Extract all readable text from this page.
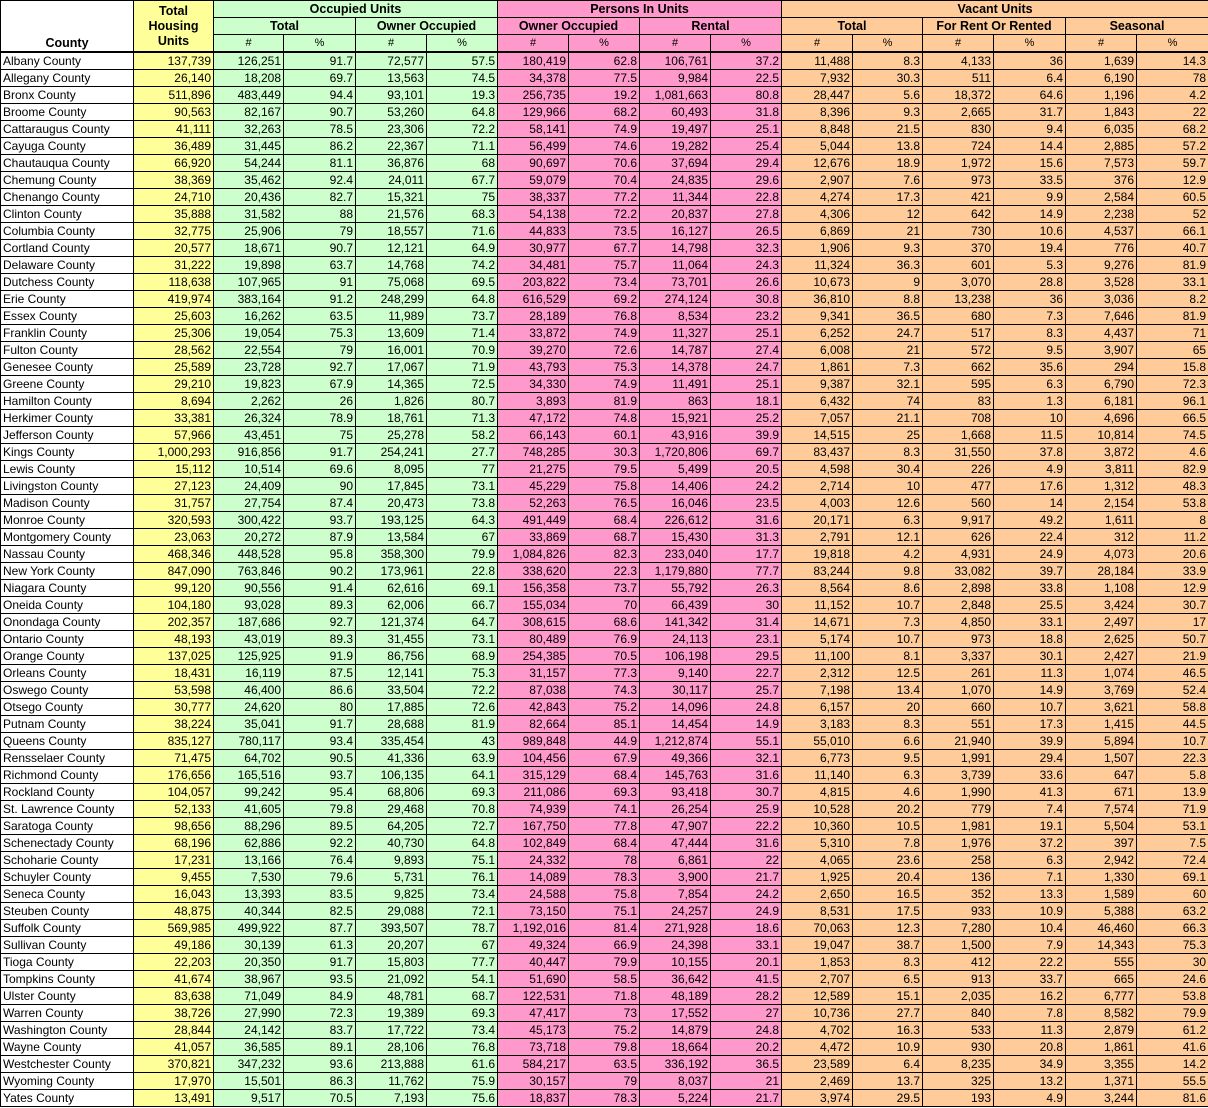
County	Total
Housing
Units	Occupied Units				Persons In Units				Vacant Units					
		Total		Owner Occupied		Owner Occupied		Rental		Total		For Rent Or Rented		Seasonal	
		#	%	#	%	#	%	#	%	#	%	#	%	#	%
Albany County	137,739	126,251	91.7	72,577	57.5	180,419	62.8	106,761	37.2	11,488	8.3	4,133	36	1,639	14.3
Allegany County	26,140	18,208	69.7	13,563	74.5	34,378	77.5	9,984	22.5	7,932	30.3	511	6.4	6,190	78
Bronx County	511,896	483,449	94.4	93,101	19.3	256,735	19.2	1,081,663	80.8	28,447	5.6	18,372	64.6	1,196	4.2
Broome County	90,563	82,167	90.7	53,260	64.8	129,966	68.2	60,493	31.8	8,396	9.3	2,665	31.7	1,843	22
Cattaraugus County	41,111	32,263	78.5	23,306	72.2	58,141	74.9	19,497	25.1	8,848	21.5	830	9.4	6,035	68.2
Cayuga County	36,489	31,445	86.2	22,367	71.1	56,499	74.6	19,282	25.4	5,044	13.8	724	14.4	2,885	57.2
Chautauqua County	66,920	54,244	81.1	36,876	68	90,697	70.6	37,694	29.4	12,676	18.9	1,972	15.6	7,573	59.7
Chemung County	38,369	35,462	92.4	24,011	67.7	59,079	70.4	24,835	29.6	2,907	7.6	973	33.5	376	12.9
Chenango County	24,710	20,436	82.7	15,321	75	38,337	77.2	11,344	22.8	4,274	17.3	421	9.9	2,584	60.5
Clinton County	35,888	31,582	88	21,576	68.3	54,138	72.2	20,837	27.8	4,306	12	642	14.9	2,238	52
Columbia County	32,775	25,906	79	18,557	71.6	44,833	73.5	16,127	26.5	6,869	21	730	10.6	4,537	66.1
Cortland County	20,577	18,671	90.7	12,121	64.9	30,977	67.7	14,798	32.3	1,906	9.3	370	19.4	776	40.7
Delaware County	31,222	19,898	63.7	14,768	74.2	34,481	75.7	11,064	24.3	11,324	36.3	601	5.3	9,276	81.9
Dutchess County	118,638	107,965	91	75,068	69.5	203,822	73.4	73,701	26.6	10,673	9	3,070	28.8	3,528	33.1
Erie County	419,974	383,164	91.2	248,299	64.8	616,529	69.2	274,124	30.8	36,810	8.8	13,238	36	3,036	8.2
Essex County	25,603	16,262	63.5	11,989	73.7	28,189	76.8	8,534	23.2	9,341	36.5	680	7.3	7,646	81.9
Franklin County	25,306	19,054	75.3	13,609	71.4	33,872	74.9	11,327	25.1	6,252	24.7	517	8.3	4,437	71
Fulton County	28,562	22,554	79	16,001	70.9	39,270	72.6	14,787	27.4	6,008	21	572	9.5	3,907	65
Genesee County	25,589	23,728	92.7	17,067	71.9	43,793	75.3	14,378	24.7	1,861	7.3	662	35.6	294	15.8
Greene County	29,210	19,823	67.9	14,365	72.5	34,330	74.9	11,491	25.1	9,387	32.1	595	6.3	6,790	72.3
Hamilton County	8,694	2,262	26	1,826	80.7	3,893	81.9	863	18.1	6,432	74	83	1.3	6,181	96.1
Herkimer County	33,381	26,324	78.9	18,761	71.3	47,172	74.8	15,921	25.2	7,057	21.1	708	10	4,696	66.5
Jefferson County	57,966	43,451	75	25,278	58.2	66,143	60.1	43,916	39.9	14,515	25	1,668	11.5	10,814	74.5
Kings County	1,000,293	916,856	91.7	254,241	27.7	748,285	30.3	1,720,806	69.7	83,437	8.3	31,550	37.8	3,872	4.6
Lewis County	15,112	10,514	69.6	8,095	77	21,275	79.5	5,499	20.5	4,598	30.4	226	4.9	3,811	82.9
Livingston County	27,123	24,409	90	17,845	73.1	45,229	75.8	14,406	24.2	2,714	10	477	17.6	1,312	48.3
Madison County	31,757	27,754	87.4	20,473	73.8	52,263	76.5	16,046	23.5	4,003	12.6	560	14	2,154	53.8
Monroe County	320,593	300,422	93.7	193,125	64.3	491,449	68.4	226,612	31.6	20,171	6.3	9,917	49.2	1,611	8
Montgomery County	23,063	20,272	87.9	13,584	67	33,869	68.7	15,430	31.3	2,791	12.1	626	22.4	312	11.2
Nassau County	468,346	448,528	95.8	358,300	79.9	1,084,826	82.3	233,040	17.7	19,818	4.2	4,931	24.9	4,073	20.6
New York County	847,090	763,846	90.2	173,961	22.8	338,620	22.3	1,179,880	77.7	83,244	9.8	33,082	39.7	28,184	33.9
Niagara County	99,120	90,556	91.4	62,616	69.1	156,358	73.7	55,792	26.3	8,564	8.6	2,898	33.8	1,108	12.9
Oneida County	104,180	93,028	89.3	62,006	66.7	155,034	70	66,439	30	11,152	10.7	2,848	25.5	3,424	30.7
Onondaga County	202,357	187,686	92.7	121,374	64.7	308,615	68.6	141,342	31.4	14,671	7.3	4,850	33.1	2,497	17
Ontario County	48,193	43,019	89.3	31,455	73.1	80,489	76.9	24,113	23.1	5,174	10.7	973	18.8	2,625	50.7
Orange County	137,025	125,925	91.9	86,756	68.9	254,385	70.5	106,198	29.5	11,100	8.1	3,337	30.1	2,427	21.9
Orleans County	18,431	16,119	87.5	12,141	75.3	31,157	77.3	9,140	22.7	2,312	12.5	261	11.3	1,074	46.5
Oswego County	53,598	46,400	86.6	33,504	72.2	87,038	74.3	30,117	25.7	7,198	13.4	1,070	14.9	3,769	52.4
Otsego County	30,777	24,620	80	17,885	72.6	42,843	75.2	14,096	24.8	6,157	20	660	10.7	3,621	58.8
Putnam County	38,224	35,041	91.7	28,688	81.9	82,664	85.1	14,454	14.9	3,183	8.3	551	17.3	1,415	44.5
Queens County	835,127	780,117	93.4	335,454	43	989,848	44.9	1,212,874	55.1	55,010	6.6	21,940	39.9	5,894	10.7
Rensselaer County	71,475	64,702	90.5	41,336	63.9	104,456	67.9	49,366	32.1	6,773	9.5	1,991	29.4	1,507	22.3
Richmond County	176,656	165,516	93.7	106,135	64.1	315,129	68.4	145,763	31.6	11,140	6.3	3,739	33.6	647	5.8
Rockland County	104,057	99,242	95.4	68,806	69.3	211,086	69.3	93,418	30.7	4,815	4.6	1,990	41.3	671	13.9
St. Lawrence County	52,133	41,605	79.8	29,468	70.8	74,939	74.1	26,254	25.9	10,528	20.2	779	7.4	7,574	71.9
Saratoga County	98,656	88,296	89.5	64,205	72.7	167,750	77.8	47,907	22.2	10,360	10.5	1,981	19.1	5,504	53.1
Schenectady County	68,196	62,886	92.2	40,730	64.8	102,849	68.4	47,444	31.6	5,310	7.8	1,976	37.2	397	7.5
Schoharie County	17,231	13,166	76.4	9,893	75.1	24,332	78	6,861	22	4,065	23.6	258	6.3	2,942	72.4
Schuyler County	9,455	7,530	79.6	5,731	76.1	14,089	78.3	3,900	21.7	1,925	20.4	136	7.1	1,330	69.1
Seneca County	16,043	13,393	83.5	9,825	73.4	24,588	75.8	7,854	24.2	2,650	16.5	352	13.3	1,589	60
Steuben County	48,875	40,344	82.5	29,088	72.1	73,150	75.1	24,257	24.9	8,531	17.5	933	10.9	5,388	63.2
Suffolk County	569,985	499,922	87.7	393,507	78.7	1,192,016	81.4	271,928	18.6	70,063	12.3	7,280	10.4	46,460	66.3
Sullivan County	49,186	30,139	61.3	20,207	67	49,324	66.9	24,398	33.1	19,047	38.7	1,500	7.9	14,343	75.3
Tioga County	22,203	20,350	91.7	15,803	77.7	40,447	79.9	10,155	20.1	1,853	8.3	412	22.2	555	30
Tompkins County	41,674	38,967	93.5	21,092	54.1	51,690	58.5	36,642	41.5	2,707	6.5	913	33.7	665	24.6
Ulster County	83,638	71,049	84.9	48,781	68.7	122,531	71.8	48,189	28.2	12,589	15.1	2,035	16.2	6,777	53.8
Warren County	38,726	27,990	72.3	19,389	69.3	47,417	73	17,552	27	10,736	27.7	840	7.8	8,582	79.9
Washington County	28,844	24,142	83.7	17,722	73.4	45,173	75.2	14,879	24.8	4,702	16.3	533	11.3	2,879	61.2
Wayne County	41,057	36,585	89.1	28,106	76.8	73,718	79.8	18,664	20.2	4,472	10.9	930	20.8	1,861	41.6
Westchester County	370,821	347,232	93.6	213,888	61.6	584,217	63.5	336,192	36.5	23,589	6.4	8,235	34.9	3,355	14.2
Wyoming County	17,970	15,501	86.3	11,762	75.9	30,157	79	8,037	21	2,469	13.7	325	13.2	1,371	55.5
Yates County	13,491	9,517	70.5	7,193	75.6	18,837	78.3	5,224	21.7	3,974	29.5	193	4.9	3,244	81.6
